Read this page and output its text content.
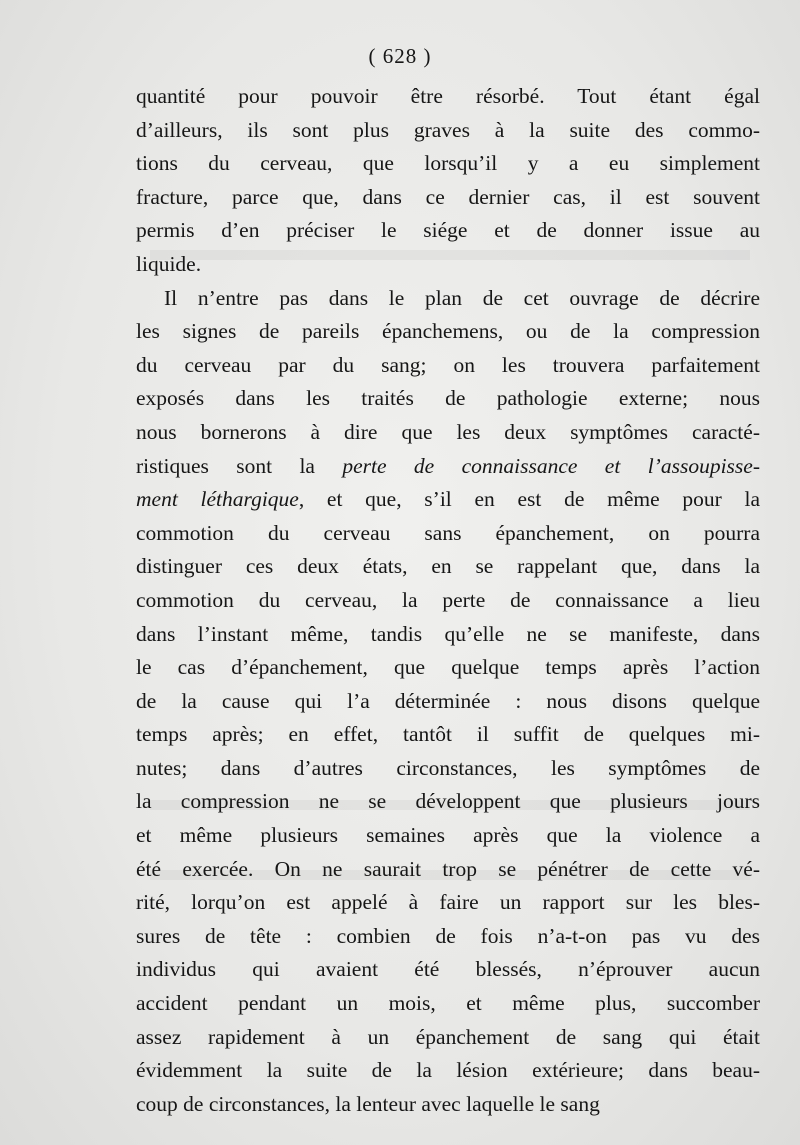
( 628 )
quantité pour pouvoir être résorbé. Tout étant égal
d’ailleurs, ils sont plus graves à la suite des commo-
tions du cerveau, que lorsqu’il y a eu simplement
fracture, parce que, dans ce dernier cas, il est souvent
permis d’en préciser le siége et de donner issue au
liquide.
Il n’entre pas dans le plan de cet ouvrage de décrire
les signes de pareils épanchemens, ou de la compression
du cerveau par du sang; on les trouvera parfaitement
exposés dans les traités de pathologie externe; nous
nous bornerons à dire que les deux symptômes caracté-
ristiques sont la perte de connaissance et l’assoupisse-
ment léthargique, et que, s’il en est de même pour la
commotion du cerveau sans épanchement, on pourra
distinguer ces deux états, en se rappelant que, dans la
commotion du cerveau, la perte de connaissance a lieu
dans l’instant même, tandis qu’elle ne se manifeste, dans
le cas d’épanchement, que quelque temps après l’action
de la cause qui l’a déterminée : nous disons quelque
temps après; en effet, tantôt il suffit de quelques mi-
nutes; dans d’autres circonstances, les symptômes de
la compression ne se développent que plusieurs jours
et même plusieurs semaines après que la violence a
été exercée. On ne saurait trop se pénétrer de cette vé-
rité, lorqu’on est appelé à faire un rapport sur les bles-
sures de tête : combien de fois n’a-t-on pas vu des
individus qui avaient été blessés, n’éprouver aucun
accident pendant un mois, et même plus, succomber
assez rapidement à un épanchement de sang qui était
évidemment la suite de la lésion extérieure; dans beau-
coup de circonstances, la lenteur avec laquelle le sang
